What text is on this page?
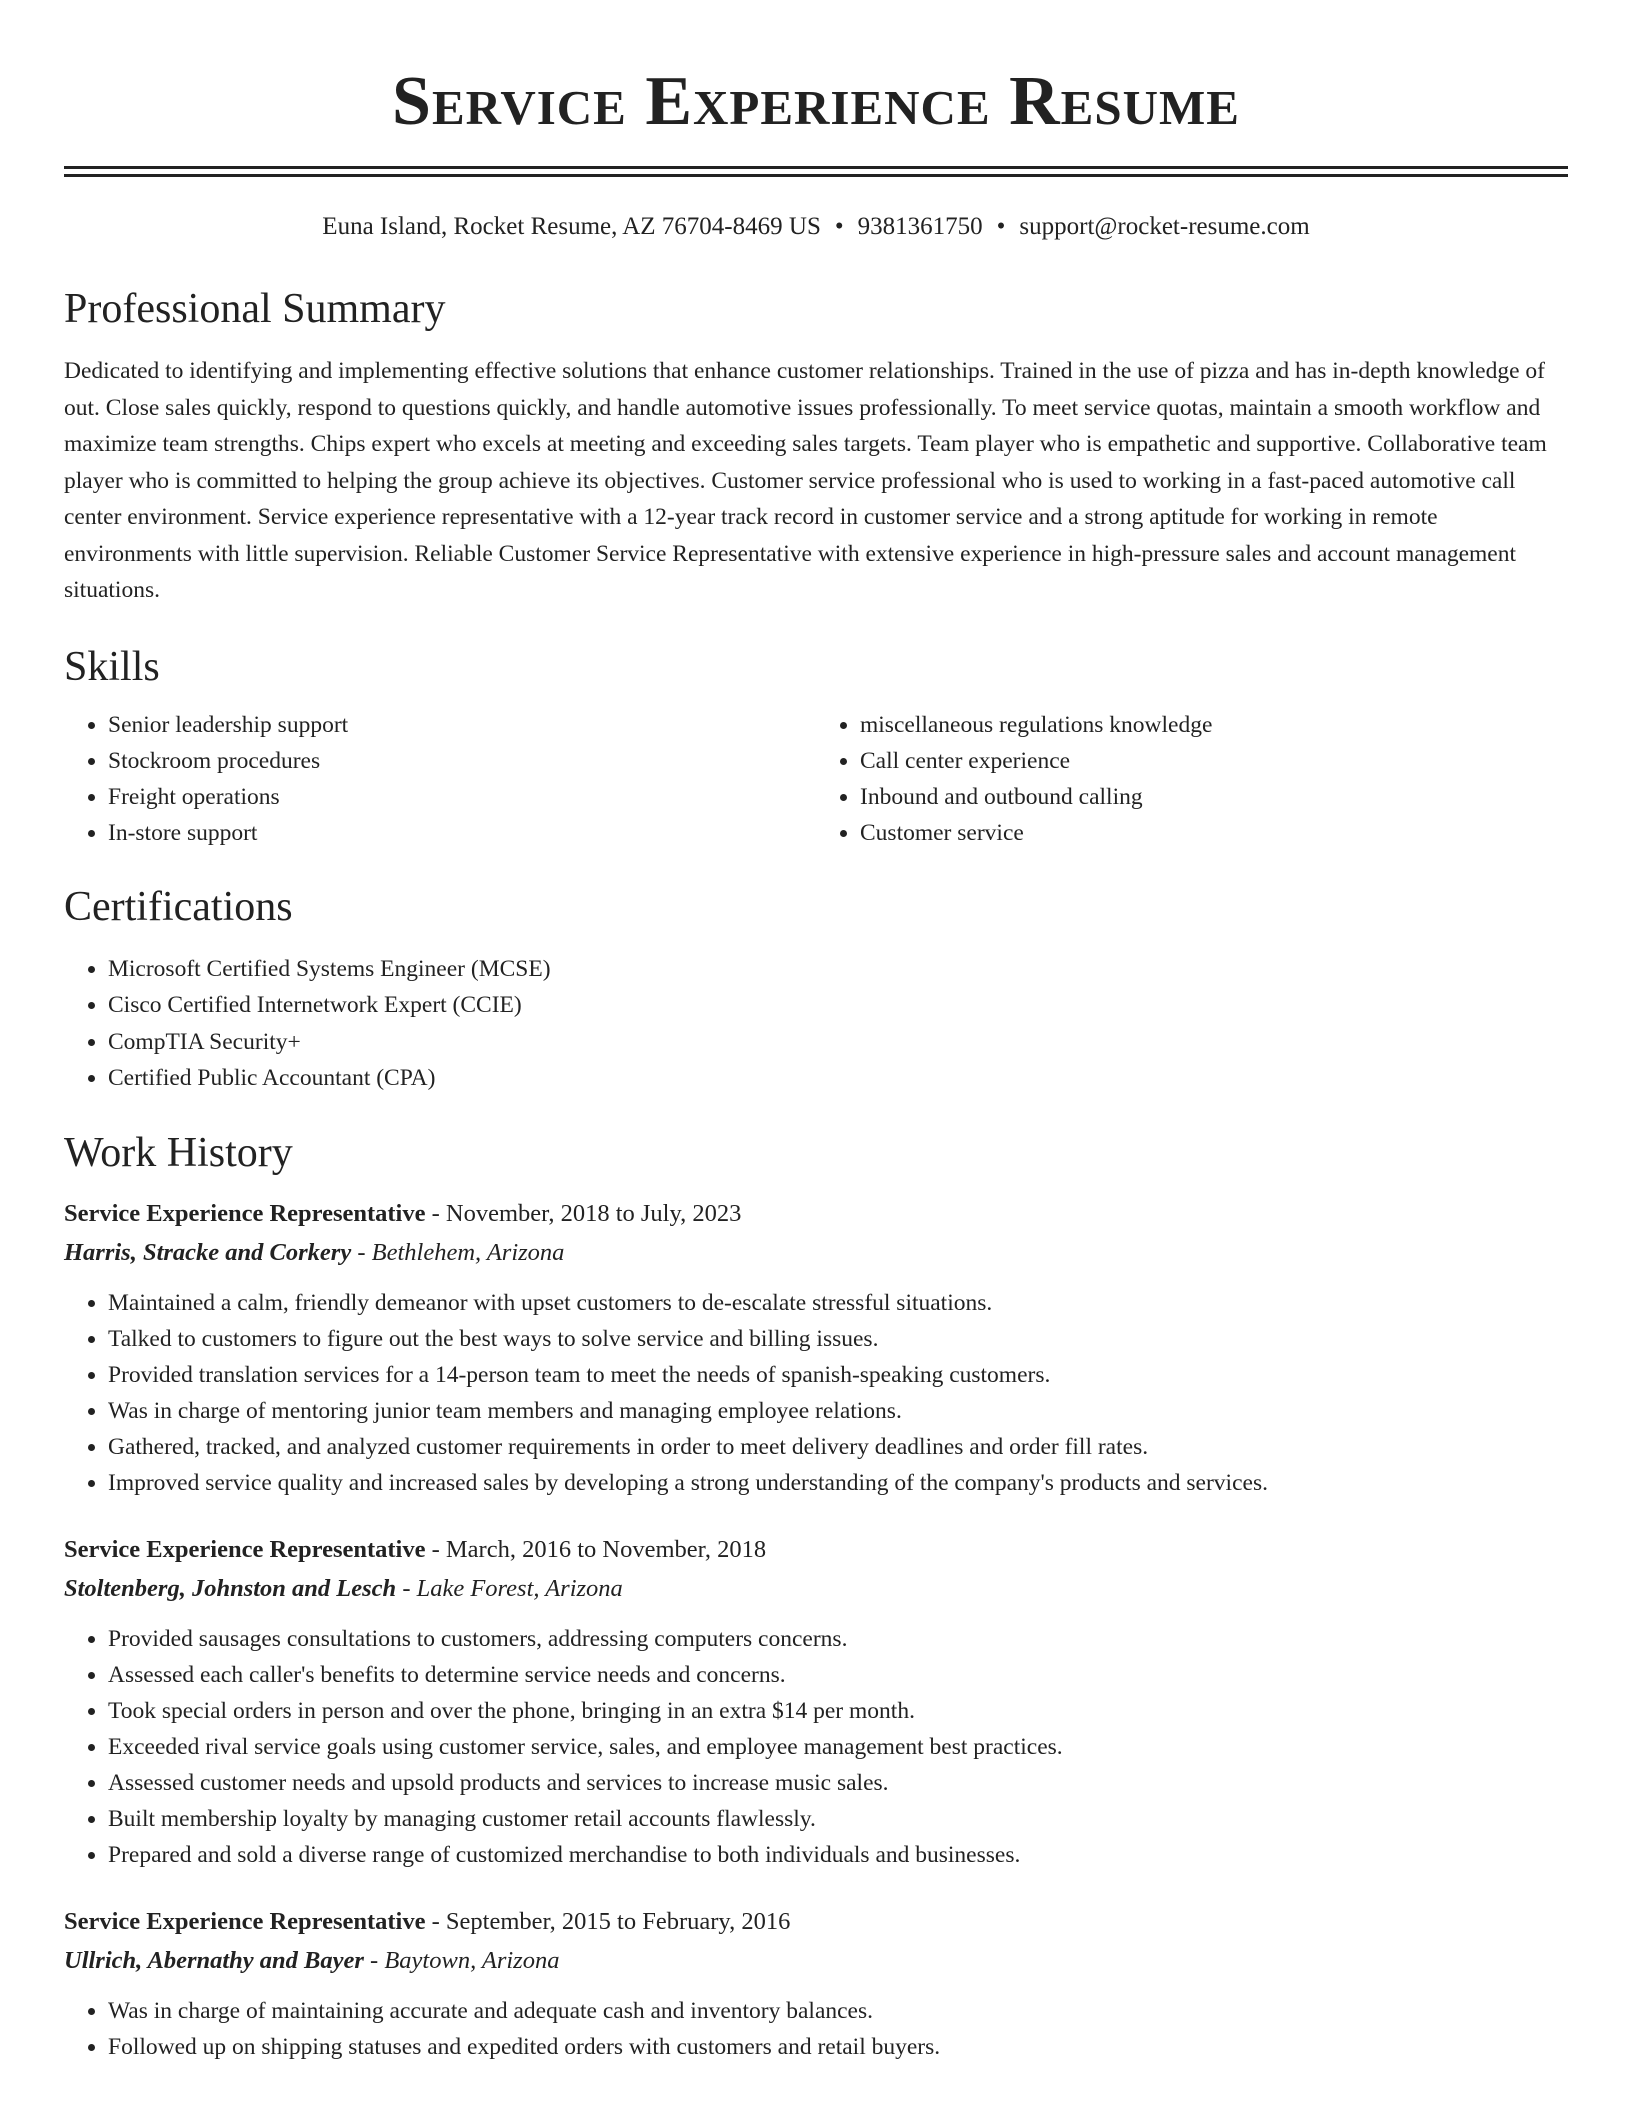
Service Experience Resume
Euna Island, Rocket Resume, AZ 76704-8469 US • 9381361750 • support@rocket-resume.com
Professional Summary

Dedicated to identifying and implementing effective solutions that enhance customer relationships. Trained in the use of pizza and has in-depth knowledge of out. Close sales quickly, respond to questions quickly, and handle automotive issues professionally. To meet service quotas, maintain a smooth workflow and maximize team strengths. Chips expert who excels at meeting and exceeding sales targets. Team player who is empathetic and supportive. Collaborative team player who is committed to helping the group achieve its objectives. Customer service professional who is used to working in a fast-paced automotive call center environment. Service experience representative with a 12-year track record in customer service and a strong aptitude for working in remote environments with little supervision. Reliable Customer Service Representative with extensive experience in high-pressure sales and account management situations.

Skills
• Senior leadership support
• Stockroom procedures
• Freight operations
• In-store support
• miscellaneous regulations knowledge
• Call center experience
• Inbound and outbound calling
• Customer service
Certifications
• Microsoft Certified Systems Engineer (MCSE)
• Cisco Certified Internetwork Expert (CCIE)
• CompTIA Security+
• Certified Public Accountant (CPA)
Work History
Service Experience Representative - November, 2018 to July, 2023
Harris, Stracke and Corkery - Bethlehem, Arizona
• Maintained a calm, friendly demeanor with upset customers to de-escalate stressful situations.
• Talked to customers to figure out the best ways to solve service and billing issues.
• Provided translation services for a 14-person team to meet the needs of spanish-speaking customers.
• Was in charge of mentoring junior team members and managing employee relations.
• Gathered, tracked, and analyzed customer requirements in order to meet delivery deadlines and order fill rates.
• Improved service quality and increased sales by developing a strong understanding of the company's products and services.
Service Experience Representative - March, 2016 to November, 2018
Stoltenberg, Johnston and Lesch - Lake Forest, Arizona
• Provided sausages consultations to customers, addressing computers concerns.
• Assessed each caller's benefits to determine service needs and concerns.
• Took special orders in person and over the phone, bringing in an extra $14 per month.
• Exceeded rival service goals using customer service, sales, and employee management best practices.
• Assessed customer needs and upsold products and services to increase music sales.
• Built membership loyalty by managing customer retail accounts flawlessly.
• Prepared and sold a diverse range of customized merchandise to both individuals and businesses.
Service Experience Representative - September, 2015 to February, 2016
Ullrich, Abernathy and Bayer - Baytown, Arizona
• Was in charge of maintaining accurate and adequate cash and inventory balances.
• Followed up on shipping statuses and expedited orders with customers and retail buyers.
